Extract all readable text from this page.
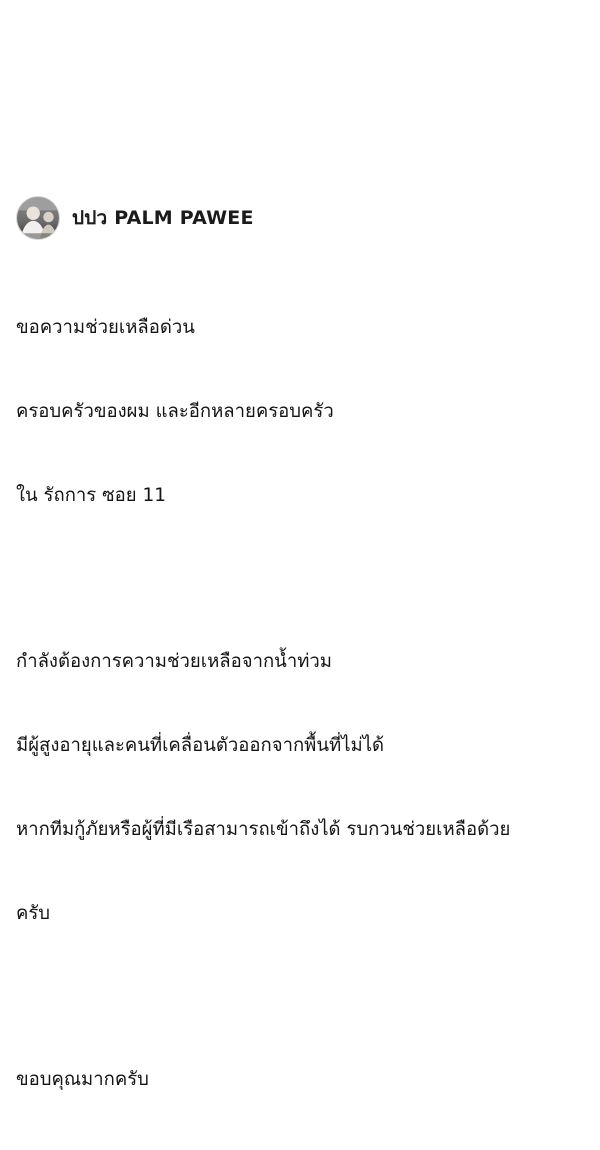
ปปว PALM PAWEE

ขอความช่วยเหลือด่วน

ครอบครัวของผม และอีกหลายครอบครัว

ใน รัถการ ซอย 11

กำลังต้องการความช่วยเหลือจากน้ำท่วม

มีผู้สูงอายุและคนที่เคลื่อนตัวออกจากพื้นที่ไม่ได้

หากทีมกู้ภัยหรือผู้ที่มีเรือสามารถเข้าถึงได้ รบกวนช่วยเหลือด้วย

ครับ

ขอบคุณมากครับ
